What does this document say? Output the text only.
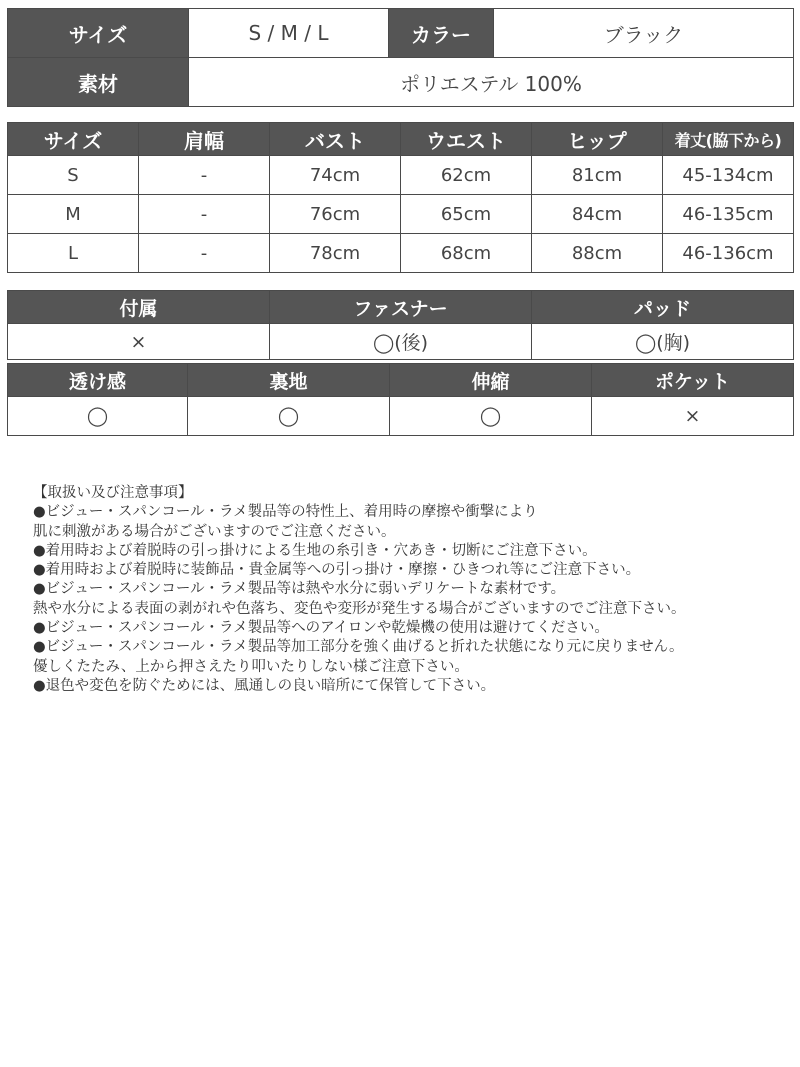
サイズ	S / M / L	カラー	ブラック
素材	ポリエステル 100%		
サイズ	肩幅	バスト	ウエスト	ヒップ	着丈(脇下から)
S	-	74cm	62cm	81cm	45-134cm
M	-	76cm	65cm	84cm	46-135cm
L	-	78cm	68cm	88cm	46-136cm
付属	ファスナー	パッド
×	◯(後)	◯(胸)
透け感	裏地	伸縮	ポケット
◯	◯	◯	×
【取扱い及び注意事項】
●ビジュー・スパンコール・ラメ製品等の特性上、着用時の摩擦や衝撃により
肌に刺激がある場合がございますのでご注意ください。
●着用時および着脱時の引っ掛けによる生地の糸引き・穴あき・切断にご注意下さい。
●着用時および着脱時に装飾品・貴金属等への引っ掛け・摩擦・ひきつれ等にご注意下さい。
●ビジュー・スパンコール・ラメ製品等は熱や水分に弱いデリケートな素材です。
熱や水分による表面の剥がれや色落ち、変色や変形が発生する場合がございますのでご注意下さい。
●ビジュー・スパンコール・ラメ製品等へのアイロンや乾燥機の使用は避けてください。
●ビジュー・スパンコール・ラメ製品等加工部分を強く曲げると折れた状態になり元に戻りません。
優しくたたみ、上から押さえたり叩いたりしない様ご注意下さい。
●退色や変色を防ぐためには、風通しの良い暗所にて保管して下さい。
